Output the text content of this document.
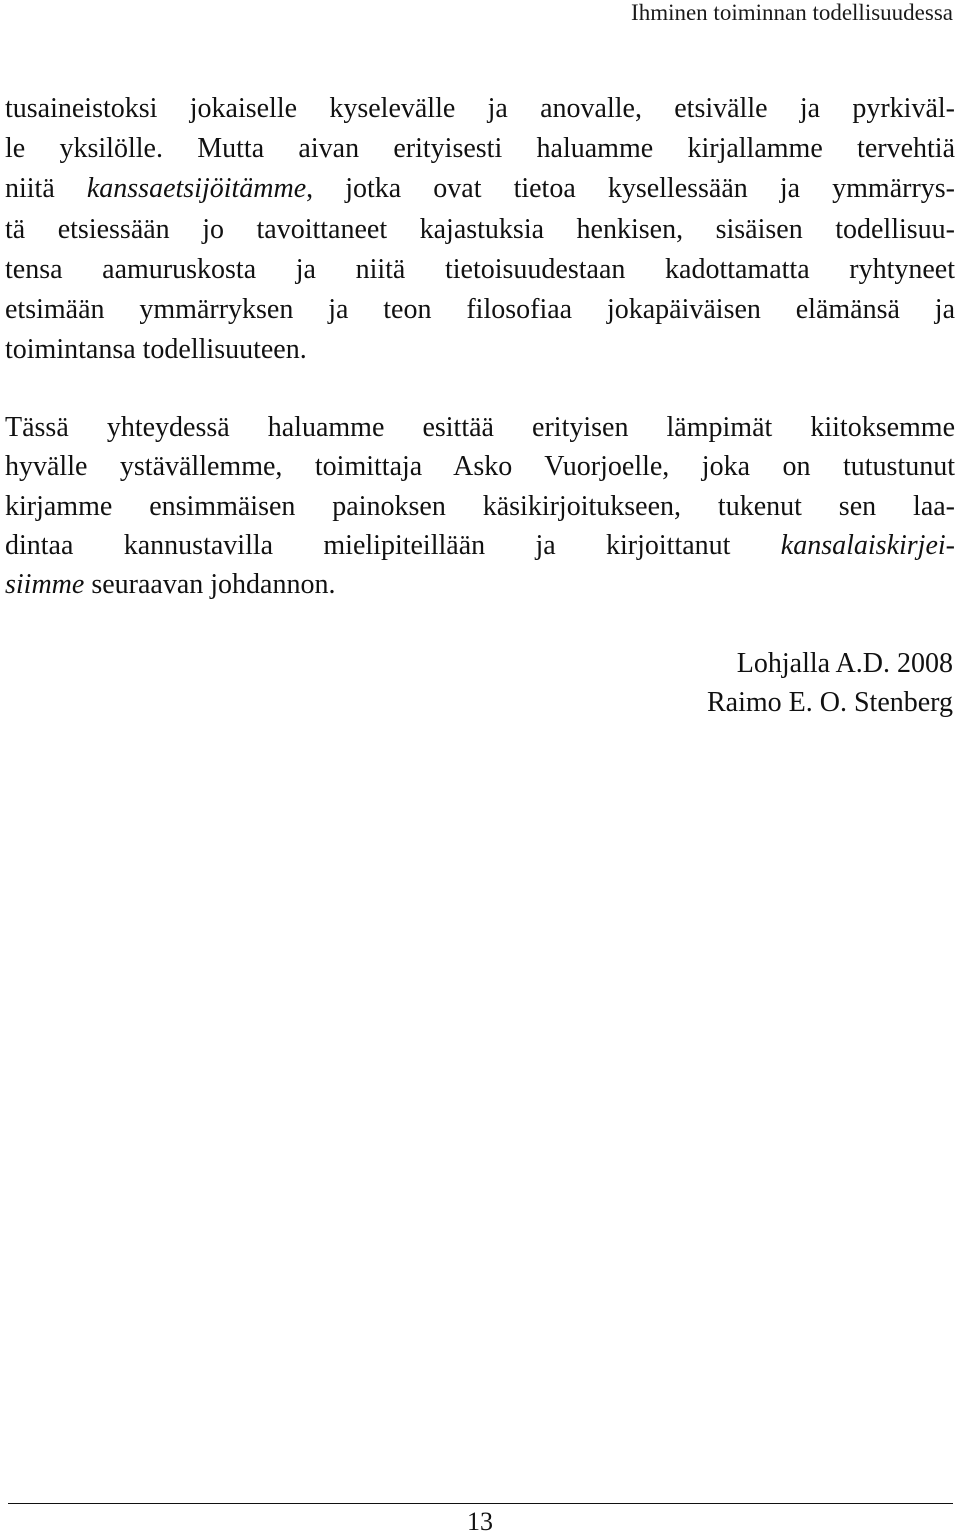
Ihminen toiminnan todellisuudessa
tusaineistoksi jokaiselle kyselevälle ja anovalle, etsivälle ja pyrkiväl-
le yksilölle. Mutta aivan erityisesti haluamme kirjallamme tervehtiä
niitä kanssaetsijöitämme, jotka ovat tietoa kysellessään ja ymmärrys-
tä etsiessään jo tavoittaneet kajastuksia henkisen, sisäisen todellisuu-
tensa aamuruskosta ja niitä tietoisuudestaan kadottamatta ryhtyneet
etsimään ymmärryksen ja teon filosofiaa jokapäiväisen elämänsä ja
toimintansa todellisuuteen.
Tässä yhteydessä haluamme esittää erityisen lämpimät kiitoksemme
hyvälle ystävällemme, toimittaja Asko Vuorjoelle, joka on tutustunut
kirjamme ensimmäisen painoksen käsikirjoitukseen, tukenut sen laa-
dintaa kannustavilla mielipiteillään ja kirjoittanut kansalaiskirjei-
siimme seuraavan johdannon.
Lohjalla A.D. 2008
Raimo E. O. Stenberg
13
